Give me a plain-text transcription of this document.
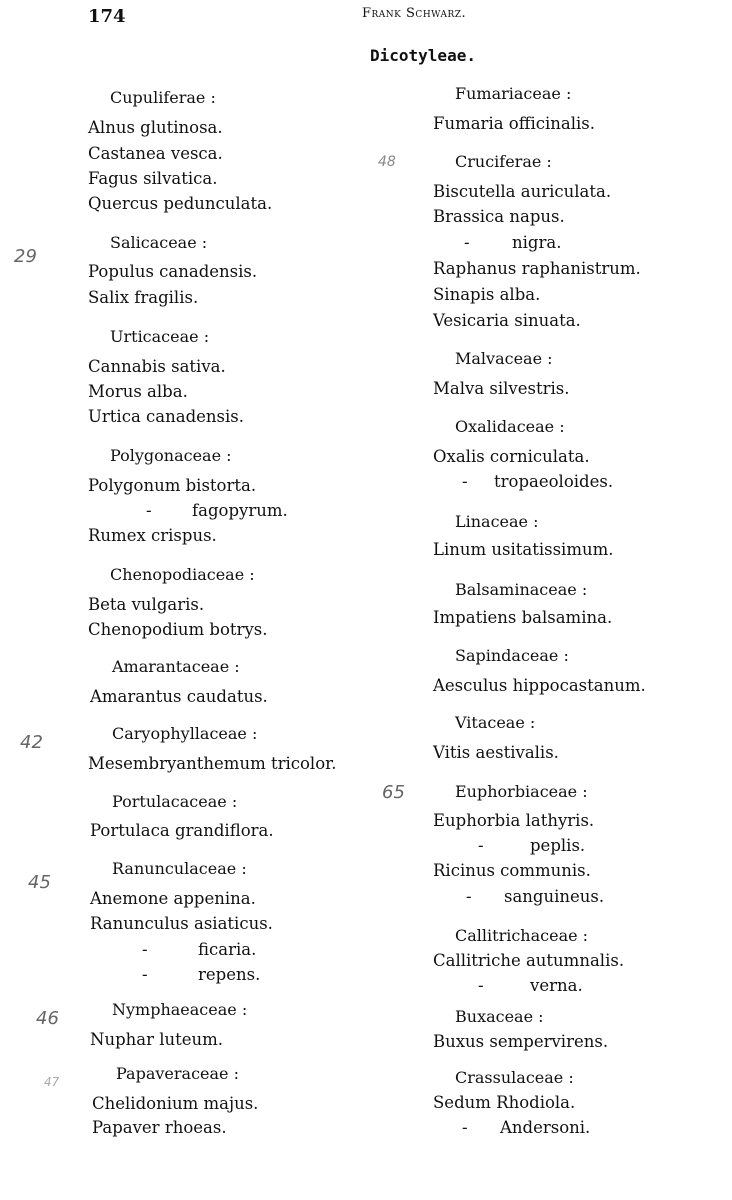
174	Frank Schwarz.
Dicotyleae.
29
42
45
46
47
48
65
Cupuliferae :
Alnus glutinosa.
Castanea vesca.
Fagus silvatica.
Quercus pedunculata.
Salicaceae :
Populus canadensis.
Salix fragilis.
Urticaceae :
Cannabis sativa.
Morus alba.
Urtica canadensis.
Polygonaceae :
Polygonum bistorta.
- fagopyrum.
Rumex crispus.
Chenopodiaceae :
Beta vulgaris.
Chenopodium botrys.
Amarantaceae :
Amarantus caudatus.
Caryophyllaceae :
Mesembryanthemum tricolor.
Portulacaceae :
Portulaca grandiflora.
Ranunculaceae :
Anemone appenina.
Ranunculus asiaticus.
-	ficaria.
-	repens.
Nymphaeaceae :
Nuphar luteum.
Papaveraceae :
Chelidonium majus.
Papaver rhoeas.
Fumariaceae :
Fumaria officinalis.
Cruciferae :
Biscutella auriculata.
Brassica napus.
-	nigra.
Raphanus raphanistrum.
Sinapis alba.
Vesicaria sinuata.
Malvaceae :
Malva silvestris.
Oxalidaceae :
Oxalis corniculata.
- tropaeoloides.
Linaceae :
Linum usitatissimum.
Balsaminaceae :
Impatiens balsamina.
Sapindaceae :
Aesculus hippocastanum.
Vitaceae :
Vitis aestivalis.
Euphorbiaceae :
Euphorbia lathyris.
-	peplis.
Ricinus communis.
- sanguineus.
Callitrichaceae :
Callitriche autumnalis.
-	verna.
Buxaceae :
Buxus sempervirens.
Crassulaceae :
Sedum Rhodiola.
- Andersoni.
